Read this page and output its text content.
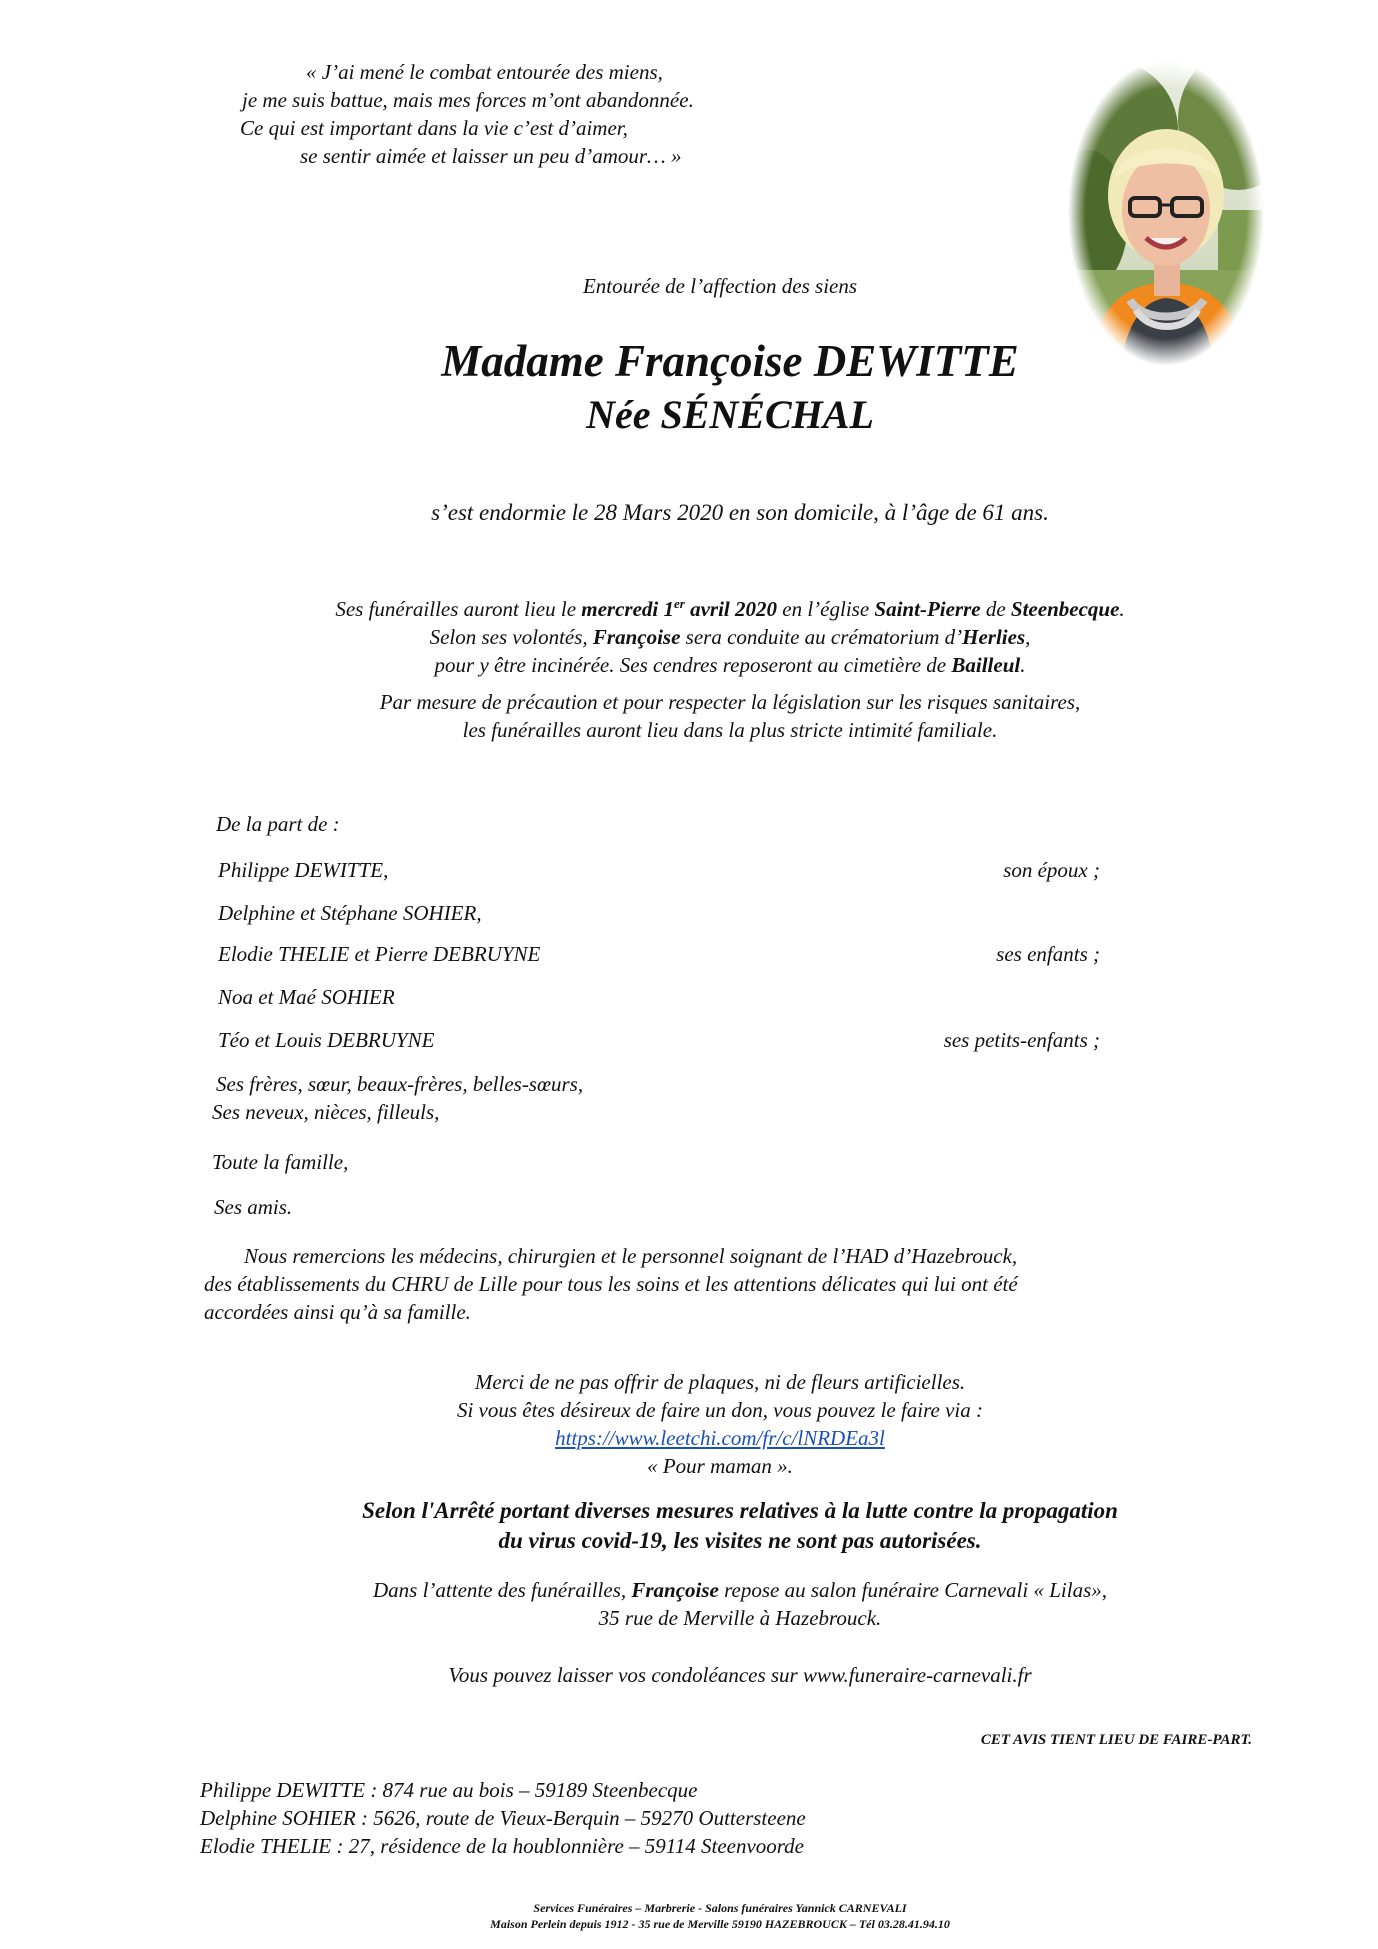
« J’ai mené le combat entourée des miens,
je me suis battue, mais mes forces m’ont abandonnée.
Ce qui est important dans la vie c’est d’aimer,
se sentir aimée et laisser un peu d’amour… »
Entourée de l’affection des siens
Madame Françoise DEWITTE
Née SÉNÉCHAL
s’est endormie le 28 Mars 2020 en son domicile, à l’âge de 61 ans.
Ses funérailles auront lieu le mercredi 1er avril 2020 en l’église Saint-Pierre de Steenbecque.
Selon ses volontés, Françoise sera conduite au crématorium d’Herlies,
pour y être incinérée. Ses cendres reposeront au cimetière de Bailleul.
Par mesure de précaution et pour respecter la législation sur les risques sanitaires,
les funérailles auront lieu dans la plus stricte intimité familiale.
De la part de :
Philippe DEWITTE,	son époux ;
Delphine et Stéphane SOHIER,
Elodie THELIE et Pierre DEBRUYNE	ses enfants ;
Noa et Maé SOHIER
Téo et Louis DEBRUYNE	ses petits-enfants ;
Ses frères, sœur, beaux-frères, belles-sœurs,
Ses neveux, nièces, filleuls,
Toute la famille,
Ses amis.
Nous remercions les médecins, chirurgien et le personnel soignant de l’HAD d’Hazebrouck,
des établissements du CHRU de Lille pour tous les soins et les attentions délicates qui lui ont été
accordées ainsi qu’à sa famille.
Merci de ne pas offrir de plaques, ni de fleurs artificielles.
Si vous êtes désireux de faire un don, vous pouvez le faire via :
https://www.leetchi.com/fr/c/lNRDEa3l
« Pour maman ».
Selon l'Arrêté portant diverses mesures relatives à la lutte contre la propagation
du virus covid-19, les visites ne sont pas autorisées.
Dans l’attente des funérailles, Françoise repose au salon funéraire Carnevali « Lilas»,
35 rue de Merville à Hazebrouck.
Vous pouvez laisser vos condoléances sur www.funeraire-carnevali.fr
CET AVIS TIENT LIEU DE FAIRE-PART.
Philippe DEWITTE : 874 rue au bois – 59189 Steenbecque
Delphine SOHIER : 5626, route de Vieux-Berquin – 59270 Outtersteene
Elodie THELIE : 27, résidence de la houblonnière – 59114 Steenvoorde
Services Funéraires – Marbrerie - Salons funéraires Yannick CARNEVALI
Maison Perlein depuis 1912 - 35 rue de Merville 59190 HAZEBROUCK – Tél 03.28.41.94.10
